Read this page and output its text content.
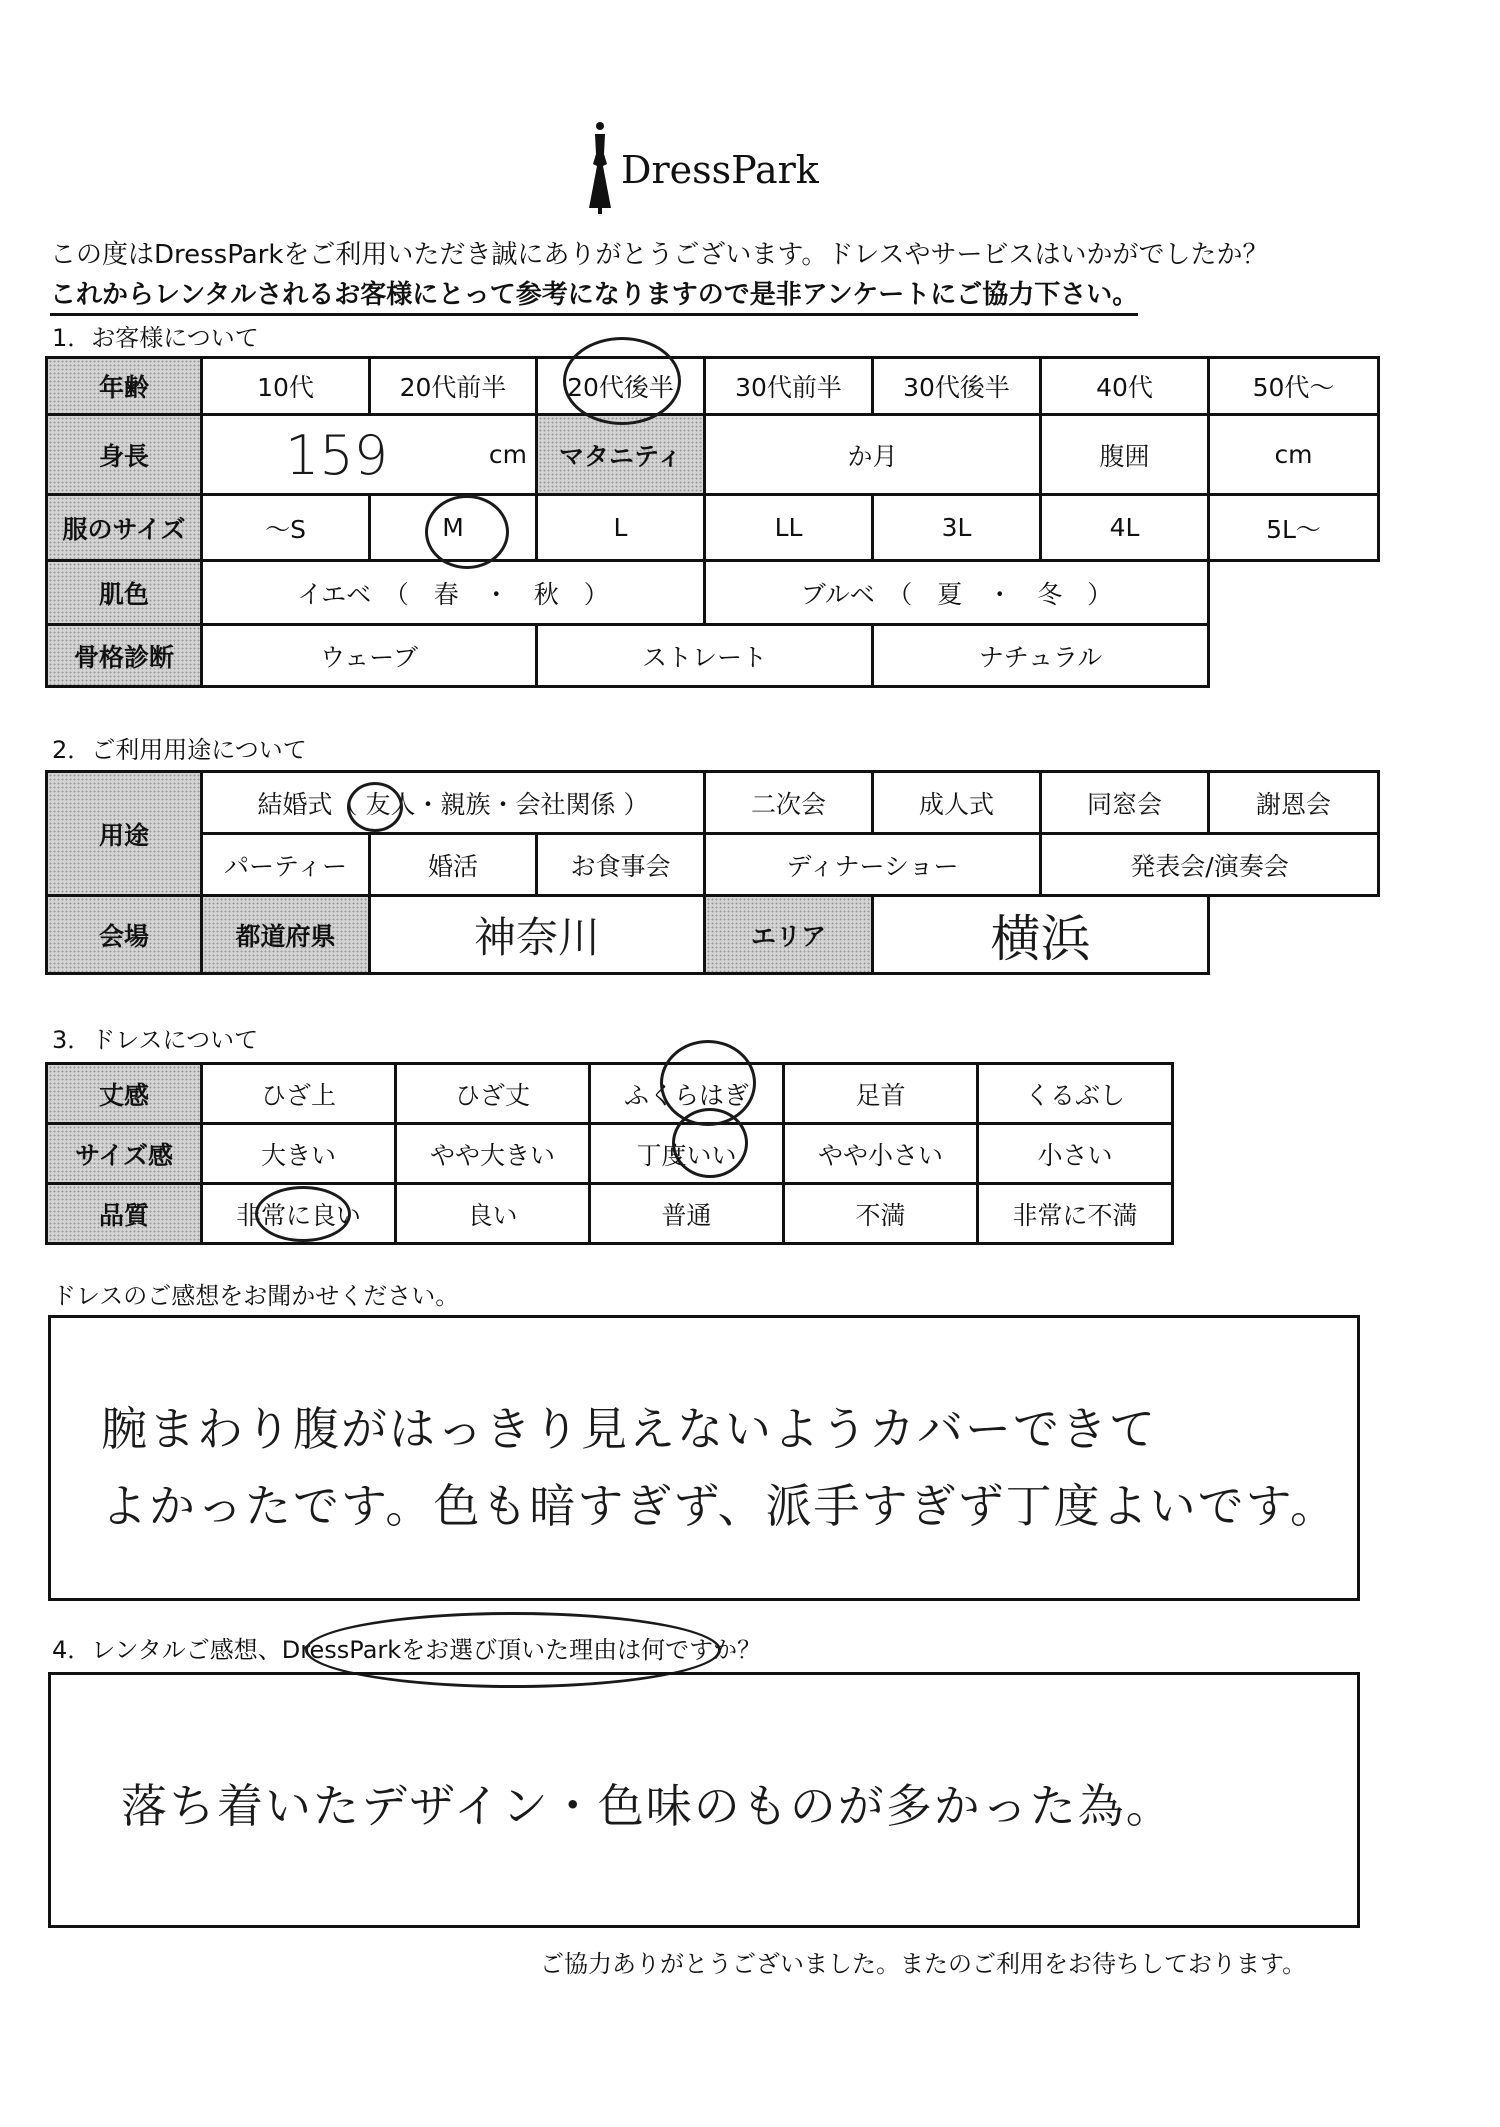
DressPark
この度はDressParkをご利用いただき誠にありがとうございます。ドレスやサービスはいかがでしたか？
これからレンタルされるお客様にとって参考になりますので是非アンケートにご協力下さい。
1．お客様について
年齢	10代	20代前半	20代後半	30代前半	30代後半	40代	50代～
身長	159 cm		マタニティ	か月		腹囲	cm
服のサイズ	～S	M	L	LL	3L	4L	5L～
肌色	イエベ　（　春　・　秋　）			ブルベ　（　夏　・　冬　）			
骨格診断	ウェーブ		ストレート		ナチュラル		
2．ご利用用途について
用途	結婚式（ 友人・親族・会社関係 ）			二次会	成人式	同窓会	謝恩会
	パーティー	婚活	お食事会	ディナーショー		発表会/演奏会	
会場	都道府県	神奈川		エリア	横浜		
3．ドレスについて
丈感	ひざ上	ひざ丈	ふくらはぎ	足首	くるぶし
サイズ感	大きい	やや大きい	丁度いい	やや小さい	小さい
品質	非常に良い	良い	普通	不満	非常に不満
ドレスのご感想をお聞かせください。
腕まわり腹がはっきり見えないようカバーできて
よかったです。色も暗すぎず、派手すぎず丁度よいです。
4．レンタルご感想、DressParkをお選び頂いた理由は何ですか？
落ち着いたデザイン・色味のものが多かった為。
ご協力ありがとうございました。またのご利用をお待ちしております。
